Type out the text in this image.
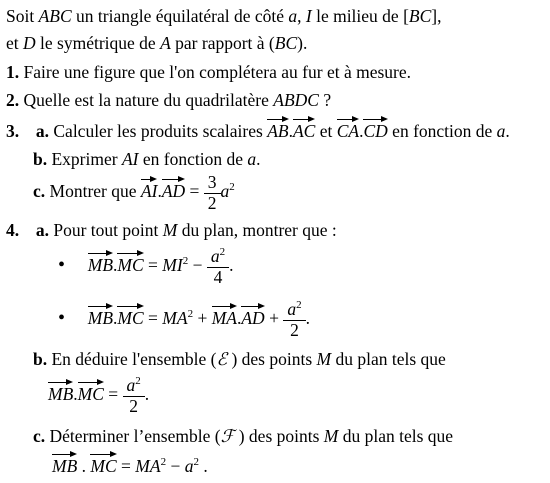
Soit ABC un triangle équilatéral de côté a, I le milieu de [BC],
et D le symétrique de A par rapport à (BC).
1. Faire une figure que l'on complétera au fur et à mesure.
2. Quelle est la nature du quadrilatère ABDC ?
3. a. Calculer les produits scalaires AB.AC et CA.CD en fonction de a.
b. Exprimer AI en fonction de a.
c. Montrer que $AI.AD = \frac{3}{2} a^2$
4. a. Pour tout point M du plan, montrer que :
• $MB.MC = MI^2 - \frac{a^2}{4}$ .
• $MB.MC = MA^2 + MA.AD + \frac{a^2}{2}$ .
b. En déduire l'ensemble (ℰ ) des points M du plan tels que
$MB.MC = \frac{a^2}{2}$ .
c. Déterminer l’ensemble (ℱ ) des points M du plan tels que
MB . MC = $MA^2 - a^2$ .
